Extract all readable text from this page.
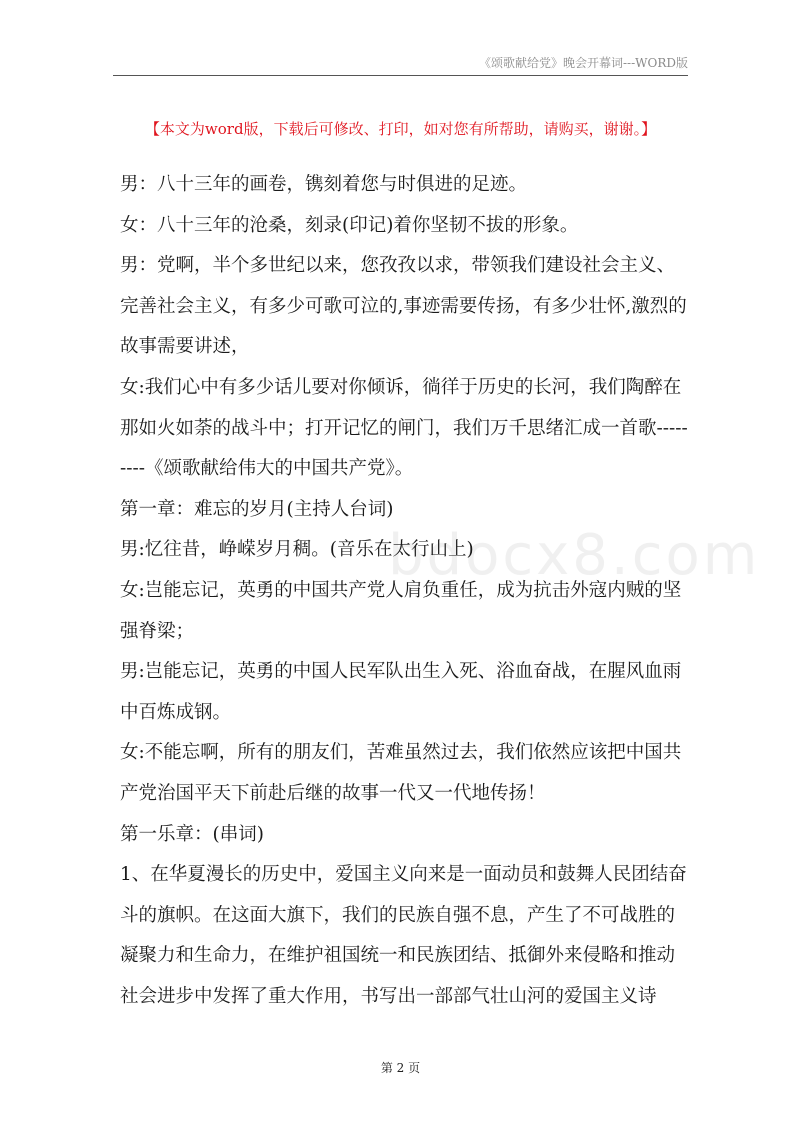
《颂歌献给党》晚会开幕词---WORD版
【本文为word版，下载后可修改、打印，如对您有所帮助，请购买，谢谢。】
bdocx8.com

男：八十三年的画卷，镌刻着您与时俱进的足迹。

女：八十三年的沧桑，刻录(印记)着你坚韧不拔的形象。

男：党啊，半个多世纪以来，您孜孜以求，带领我们建设社会主义、完善社会主义，有多少可歌可泣的,事迹需要传扬，有多少壮怀,激烈的故事需要讲述，

女:我们心中有多少话儿要对你倾诉，徜徉于历史的长河，我们陶醉在那如火如荼的战斗中；打开记忆的闸门，我们万千思绪汇成一首歌---------《颂歌献给伟大的中国共产党》。

第一章：难忘的岁月(主持人台词)

男:忆往昔，峥嵘岁月稠。(音乐在太行山上)

女:岂能忘记，英勇的中国共产党人肩负重任，成为抗击外寇内贼的坚强脊梁；

男:岂能忘记，英勇的中国人民军队出生入死、浴血奋战，在腥风血雨中百炼成钢。

女:不能忘啊，所有的朋友们，苦难虽然过去，我们依然应该把中国共产党治国平天下前赴后继的故事一代又一代地传扬！

第一乐章：(串词)

1、在华夏漫长的历史中，爱国主义向来是一面动员和鼓舞人民团结奋斗的旗帜。在这面大旗下，我们的民族自强不息，产生了不可战胜的凝聚力和生命力，在维护祖国统一和民族团结、抵御外来侵略和推动社会进步中发挥了重大作用，书写出一部部气壮山河的爱国主义诗

第 2 页
